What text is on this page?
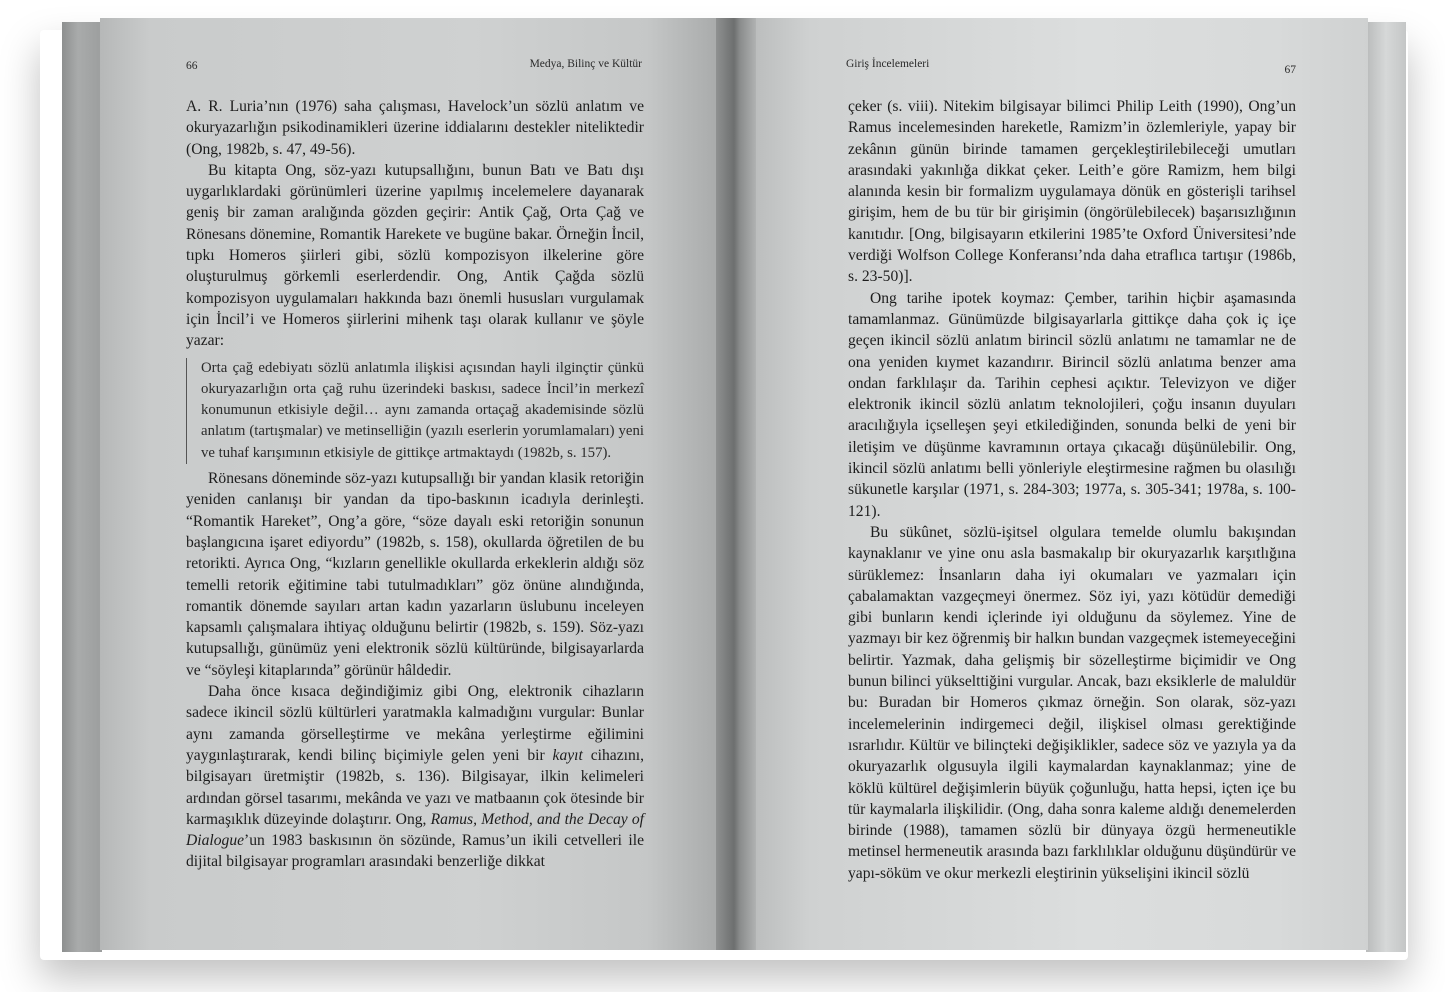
66	Medya, Bilinç ve Kültür

A. R. Luria’nın (1976) saha çalışması, Havelock’un sözlü anlatım ve okuryazarlığın psikodinamikleri üzerine iddialarını destekler niteliktedir (Ong, 1982b, s. 47, 49-56).

Bu kitapta Ong, söz-yazı kutupsallığını, bunun Batı ve Batı dışı uygarlıklardaki görünümleri üzerine yapılmış incelemelere dayanarak geniş bir zaman aralığında gözden geçirir: Antik Çağ, Orta Çağ ve Rönesans dönemine, Romantik Harekete ve bugüne bakar. Örneğin İncil, tıpkı Homeros şiirleri gibi, sözlü kompozisyon ilkelerine göre oluşturulmuş görkemli eserlerdendir. Ong, Antik Çağda sözlü kompozisyon uygulamaları hakkında bazı önemli hususları vurgulamak için İncil’i ve Homeros şiirlerini mihenk taşı olarak kullanır ve şöyle yazar:

Orta çağ edebiyatı sözlü anlatımla ilişkisi açısından hayli ilginçtir çünkü okuryazarlığın orta çağ ruhu üzerindeki baskısı, sadece İncil’in merkezî konumunun etkisiyle değil… aynı zamanda ortaçağ akademisinde sözlü anlatım (tartışmalar) ve metinselliğin (yazılı eserlerin yorumlamaları) yeni ve tuhaf karışımının etkisiyle de gittikçe artmaktaydı (1982b, s. 157).

Rönesans döneminde söz-yazı kutupsallığı bir yandan klasik retoriğin yeniden canlanışı bir yandan da tipo-baskının icadıyla derinleşti. “Romantik Hareket”, Ong’a göre, “söze dayalı eski retoriğin sonunun başlangıcına işaret ediyordu” (1982b, s. 158), okullarda öğretilen de bu retorikti. Ayrıca Ong, “kızların genellikle okullarda erkeklerin aldığı söz temelli retorik eğitimine tabi tutulmadıkları” göz önüne alındığında, romantik dönemde sayıları artan kadın yazarların üslubunu inceleyen kapsamlı çalışmalara ihtiyaç olduğunu belirtir (1982b, s. 159). Söz-yazı kutupsallığı, günümüz yeni elektronik sözlü kültüründe, bilgisayarlarda ve “söyleşi kitaplarında” görünür hâldedir.

Daha önce kısaca değindiğimiz gibi Ong, elektronik cihazların sadece ikincil sözlü kültürleri yaratmakla kalmadığını vurgular: Bunlar aynı zamanda görselleştirme ve mekâna yerleştirme eğilimini yaygınlaştırarak, kendi bilinç biçimiyle gelen yeni bir kayıt cihazını, bilgisayarı üretmiştir (1982b, s. 136). Bilgisayar, ilkin kelimeleri ardından görsel tasarımı, mekânda ve yazı ve matbaanın çok ötesinde bir karmaşıklık düzeyinde dolaştırır. Ong, Ramus, Method, and the Decay of Dialogue’un 1983 baskısının ön sözünde, Ramus’un ikili cetvelleri ile dijital bilgisayar programları arasındaki benzerliğe dikkat

Giriş İncelemeleri	67

çeker (s. viii). Nitekim bilgisayar bilimci Philip Leith (1990), Ong’un Ramus incelemesinden hareketle, Ramizm’in özlemleriyle, yapay bir zekânın günün birinde tamamen gerçekleştirilebileceği umutları arasındaki yakınlığa dikkat çeker. Leith’e göre Ramizm, hem bilgi alanında kesin bir formalizm uygulamaya dönük en gösterişli tarihsel girişim, hem de bu tür bir girişimin (öngörülebilecek) başarısızlığının kanıtıdır. [Ong, bilgisayarın etkilerini 1985’te Oxford Üniversitesi’nde verdiği Wolfson College Konferansı’nda daha etraflıca tartışır (1986b, s. 23-50)].

Ong tarihe ipotek koymaz: Çember, tarihin hiçbir aşamasında tamamlanmaz. Günümüzde bilgisayarlarla gittikçe daha çok iç içe geçen ikincil sözlü anlatım birincil sözlü anlatımı ne tamamlar ne de ona yeniden kıymet kazandırır. Birincil sözlü anlatıma benzer ama ondan farklılaşır da. Tarihin cephesi açıktır. Televizyon ve diğer elektronik ikincil sözlü anlatım teknolojileri, çoğu insanın duyuları aracılığıyla içselleşen şeyi etkilediğinden, sonunda belki de yeni bir iletişim ve düşünme kavramının ortaya çıkacağı düşünülebilir. Ong, ikincil sözlü anlatımı belli yönleriyle eleştirmesine rağmen bu olasılığı sükunetle karşılar (1971, s. 284-303; 1977a, s. 305-341; 1978a, s. 100-121).

Bu sükûnet, sözlü-işitsel olgulara temelde olumlu bakışından kaynaklanır ve yine onu asla basmakalıp bir okuryazarlık karşıtlığına sürüklemez: İnsanların daha iyi okumaları ve yazmaları için çabalamaktan vazgeçmeyi önermez. Söz iyi, yazı kötüdür demediği gibi bunların kendi içlerinde iyi olduğunu da söylemez. Yine de yazmayı bir kez öğrenmiş bir halkın bundan vazgeçmek istemeyeceğini belirtir. Yazmak, daha gelişmiş bir sözelleştirme biçimidir ve Ong bunun bilinci yükselttiğini vurgular. Ancak, bazı eksiklerle de maluldür bu: Buradan bir Homeros çıkmaz örneğin. Son olarak, söz-yazı incelemelerinin indirgemeci değil, ilişkisel olması gerektiğinde ısrarlıdır. Kültür ve bilinçteki değişiklikler, sadece söz ve yazıyla ya da okuryazarlık olgusuyla ilgili kaymalardan kaynaklanmaz; yine de köklü kültürel değişimlerin büyük çoğunluğu, hatta hepsi, içten içe bu tür kaymalarla ilişkilidir. (Ong, daha sonra kaleme aldığı denemelerden birinde (1988), tamamen sözlü bir dünyaya özgü hermeneutikle metinsel hermeneutik arasında bazı farklılıklar olduğunu düşündürür ve yapı-söküm ve okur merkezli eleştirinin yükselişini ikincil sözlü
